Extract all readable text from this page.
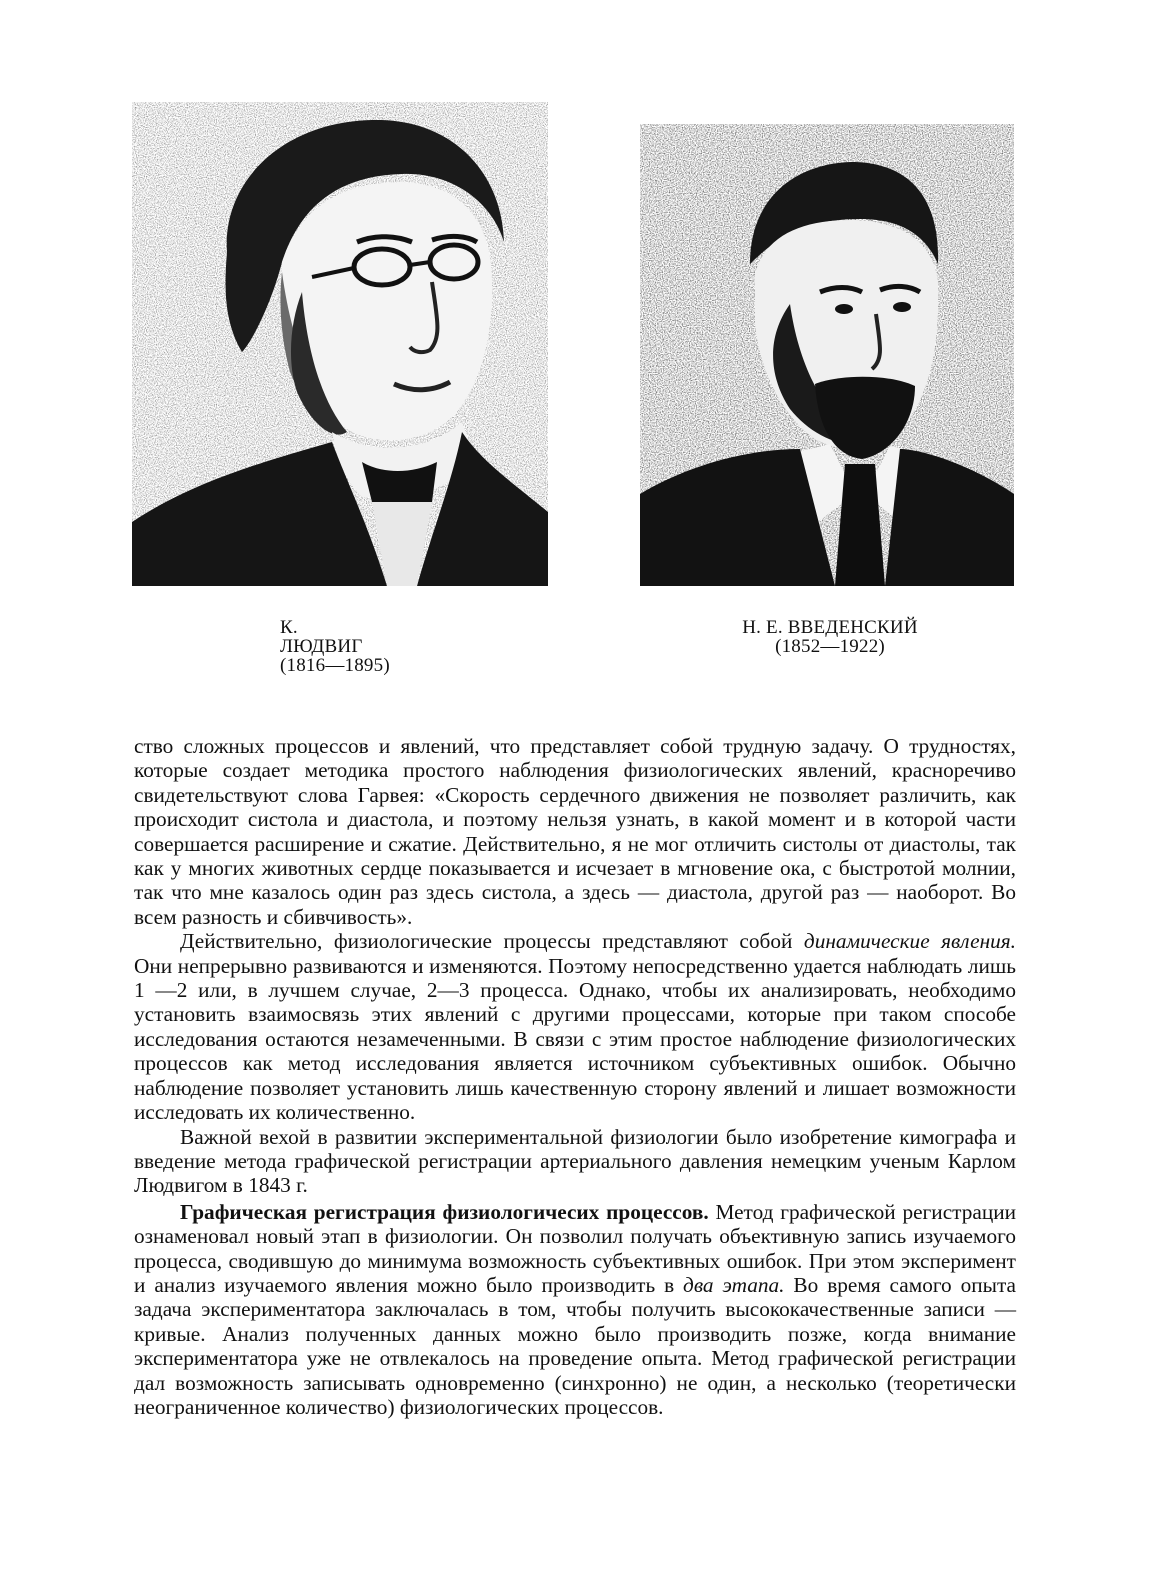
К.
ЛЮДВИГ
(1816—1895)
Н. Е. ВВЕДЕНСКИЙ
(1852—1922)

ство сложных процессов и явлений, что представляет собой трудную задачу. О трудностях, которые создает методика простого наблюдения физиологических явлений, красноречиво свидетельствуют слова Гарвея: «Скорость сердечного движения не позволяет различить, как происходит систола и диастола, и поэтому нельзя узнать, в какой момент и в которой части совершается расширение и сжатие. Действительно, я не мог отличить систолы от диастолы, так как у многих животных сердце показывается и исчезает в мгновение ока, с быстротой молнии, так что мне казалось один раз здесь систола, а здесь — диастола, другой раз — наоборот. Во всем разность и сбивчивость».

Действительно, физиологические процессы представляют собой динамические явления. Они непрерывно развиваются и изменяются. Поэтому непосредственно удается наблюдать лишь 1 —2 или, в лучшем случае, 2—3 процесса. Однако, чтобы их анализировать, необходимо установить взаимосвязь этих явлений с другими процессами, которые при таком способе исследования остаются незамеченными. В связи с этим простое наблюдение физиологических процессов как метод исследования является источником субъективных ошибок. Обычно наблюдение позволяет установить лишь качественную сторону явлений и лишает возможности исследовать их количественно.

Важной вехой в развитии экспериментальной физиологии было изобретение кимографа и введение метода графической регистрации артериального давления немецким ученым Карлом Людвигом в 1843 г.

Графическая регистрация физиологичесих процессов. Метод графической регистрации ознаменовал новый этап в физиологии. Он позволил получать объективную запись изучаемого процесса, сводившую до минимума возможность субъективных ошибок. При этом эксперимент и анализ изучаемого явления можно было производить в два этапа. Во время самого опыта задача экспериментатора заключалась в том, чтобы получить высококачественные записи — кривые. Анализ полученных данных можно было производить позже, когда внимание экспериментатора уже не отвлекалось на проведение опыта. Метод графической регистрации дал возможность записывать одновременно (синхронно) не один, а несколько (теоретически неограниченное количество) физиологических процессов.
